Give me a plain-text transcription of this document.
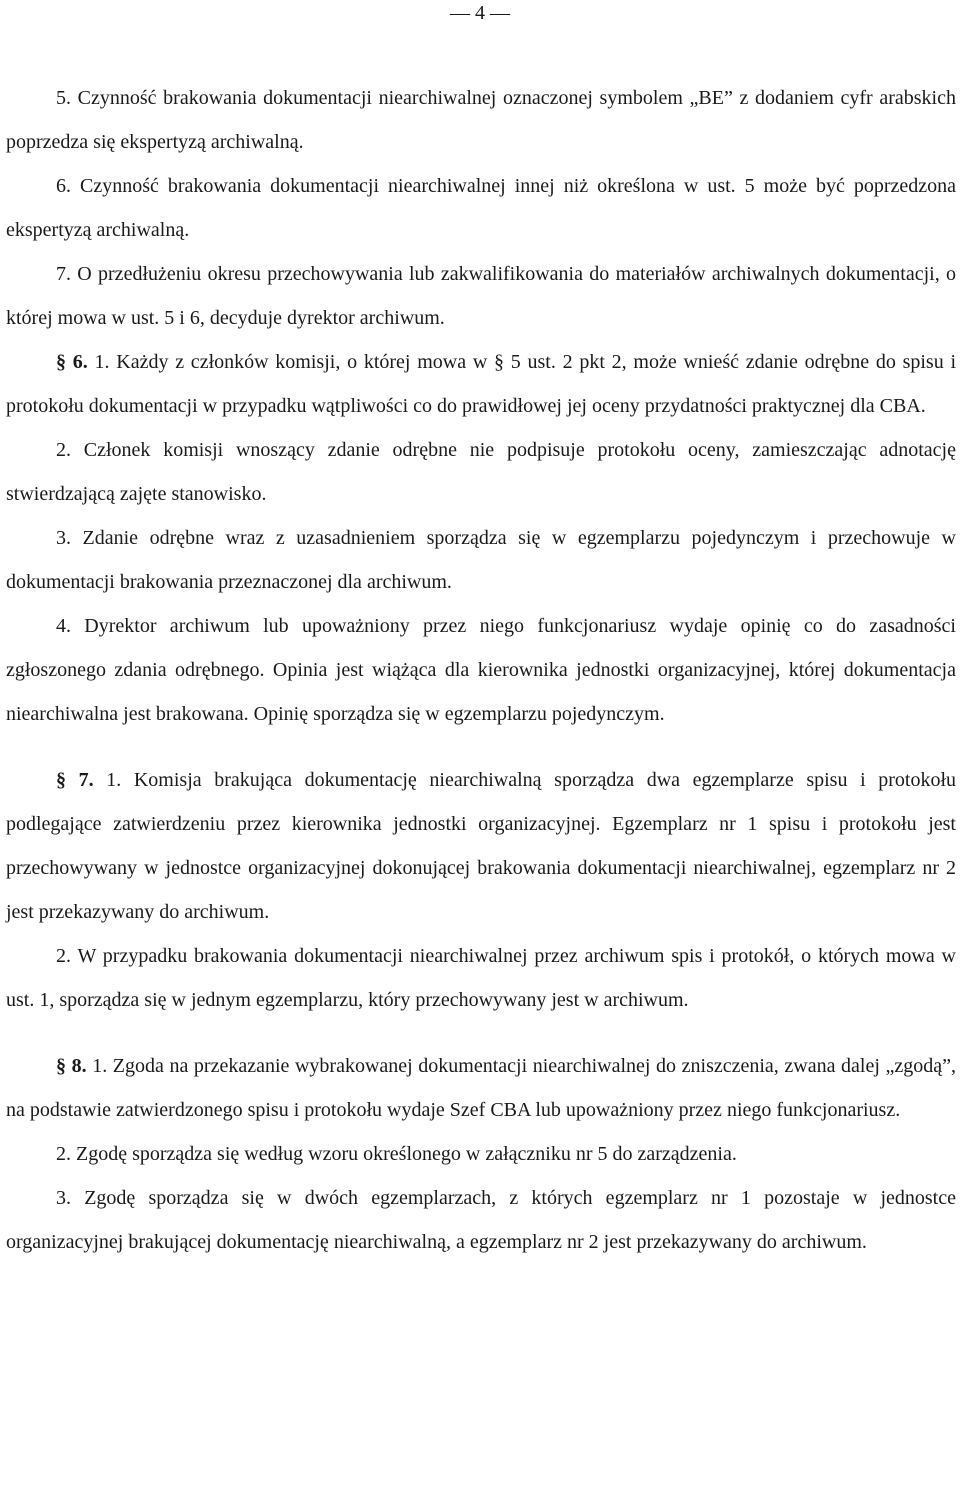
— 4 —

5. Czynność brakowania dokumentacji niearchiwalnej oznaczonej symbolem „BE” z dodaniem cyfr arabskich poprzedza się ekspertyzą archiwalną.

6. Czynność brakowania dokumentacji niearchiwalnej innej niż określona w ust. 5 może być poprzedzona ekspertyzą archiwalną.

7. O przedłużeniu okresu przechowywania lub zakwalifikowania do materiałów archiwalnych dokumentacji, o której mowa w ust. 5 i 6, decyduje dyrektor archiwum.

§ 6. 1. Każdy z członków komisji, o której mowa w § 5 ust. 2 pkt 2, może wnieść zdanie odrębne do spisu i protokołu dokumentacji w przypadku wątpliwości co do prawidłowej jej oceny przydatności praktycznej dla CBA.

2. Członek komisji wnoszący zdanie odrębne nie podpisuje protokołu oceny, zamieszczając adnotację stwierdzającą zajęte stanowisko.

3. Zdanie odrębne wraz z uzasadnieniem sporządza się w egzemplarzu pojedynczym i przechowuje w dokumentacji brakowania przeznaczonej dla archiwum.

4. Dyrektor archiwum lub upoważniony przez niego funkcjonariusz wydaje opinię co do zasadności zgłoszonego zdania odrębnego. Opinia jest wiążąca dla kierownika jednostki organizacyjnej, której dokumentacja niearchiwalna jest brakowana. Opinię sporządza się w egzemplarzu pojedynczym.

§ 7. 1. Komisja brakująca dokumentację niearchiwalną sporządza dwa egzemplarze spisu i protokołu podlegające zatwierdzeniu przez kierownika jednostki organizacyjnej. Egzemplarz nr 1 spisu i protokołu jest przechowywany w jednostce organizacyjnej dokonującej brakowania dokumentacji niearchiwalnej, egzemplarz nr 2 jest przekazywany do archiwum.

2. W przypadku brakowania dokumentacji niearchiwalnej przez archiwum spis i protokół, o których mowa w ust. 1, sporządza się w jednym egzemplarzu, który przechowywany jest w archiwum.

§ 8. 1. Zgoda na przekazanie wybrakowanej dokumentacji niearchiwalnej do zniszczenia, zwana dalej „zgodą”, na podstawie zatwierdzonego spisu i protokołu wydaje Szef CBA lub upoważniony przez niego funkcjonariusz.

2. Zgodę sporządza się według wzoru określonego w załączniku nr 5 do zarządzenia.

3. Zgodę sporządza się w dwóch egzemplarzach, z których egzemplarz nr 1 pozostaje w jednostce organizacyjnej brakującej dokumentację niearchiwalną, a egzemplarz nr 2 jest przekazywany do archiwum.
